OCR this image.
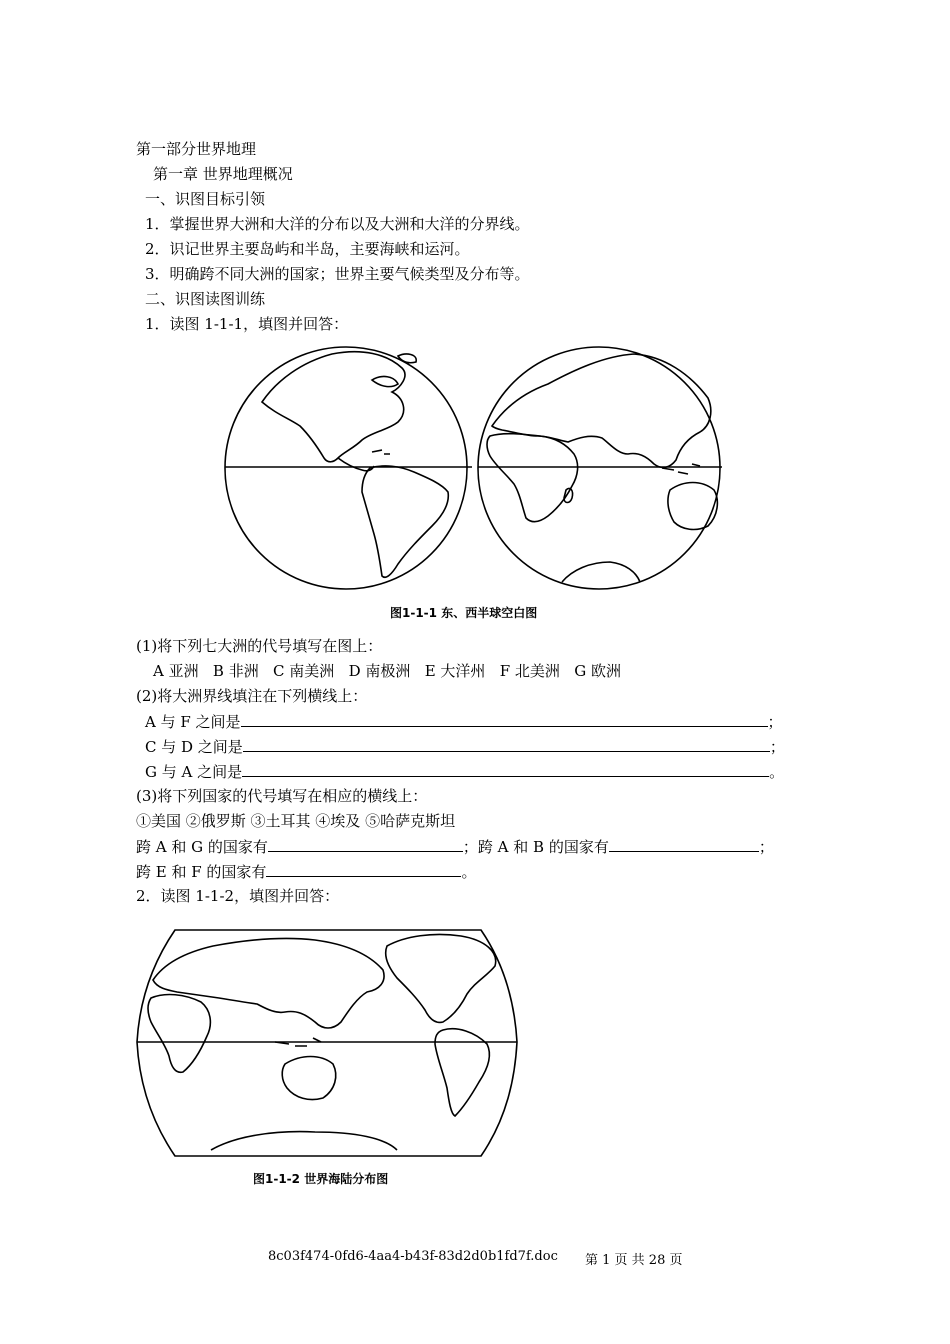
第一部分世界地理
第一章 世界地理概况
一、识图目标引领
1．掌握世界大洲和大洋的分布以及大洲和大洋的分界线。
2．识记世界主要岛屿和半岛，主要海峡和运河。
3．明确跨不同大洲的国家；世界主要气候类型及分布等。
二、识图读图训练
1．读图 1-1-1，填图并回答：
图1-1-1 东、西半球空白图
(1)将下列七大洲的代号填写在图上：
A 亚洲 B 非洲 C 南美洲 D 南极洲 E 大洋州 F 北美洲 G 欧洲
(2)将大洲界线填注在下列横线上：
A 与 F 之间是	；
C 与 D 之间是	；
G 与 A 之间是	。
(3)将下列国家的代号填写在相应的横线上：
①美国 ②俄罗斯 ③土耳其 ④埃及 ⑤哈萨克斯坦
跨 A 和 G 的国家有	；跨 A 和 B 的国家有	；
跨 E 和 F 的国家有	。
2．读图 1-1-2，填图并回答：
图1-1-2 世界海陆分布图
8c03f474-0fd6-4aa4-b43f-83d2d0b1fd7f.doc 第 1 页 共 28 页
